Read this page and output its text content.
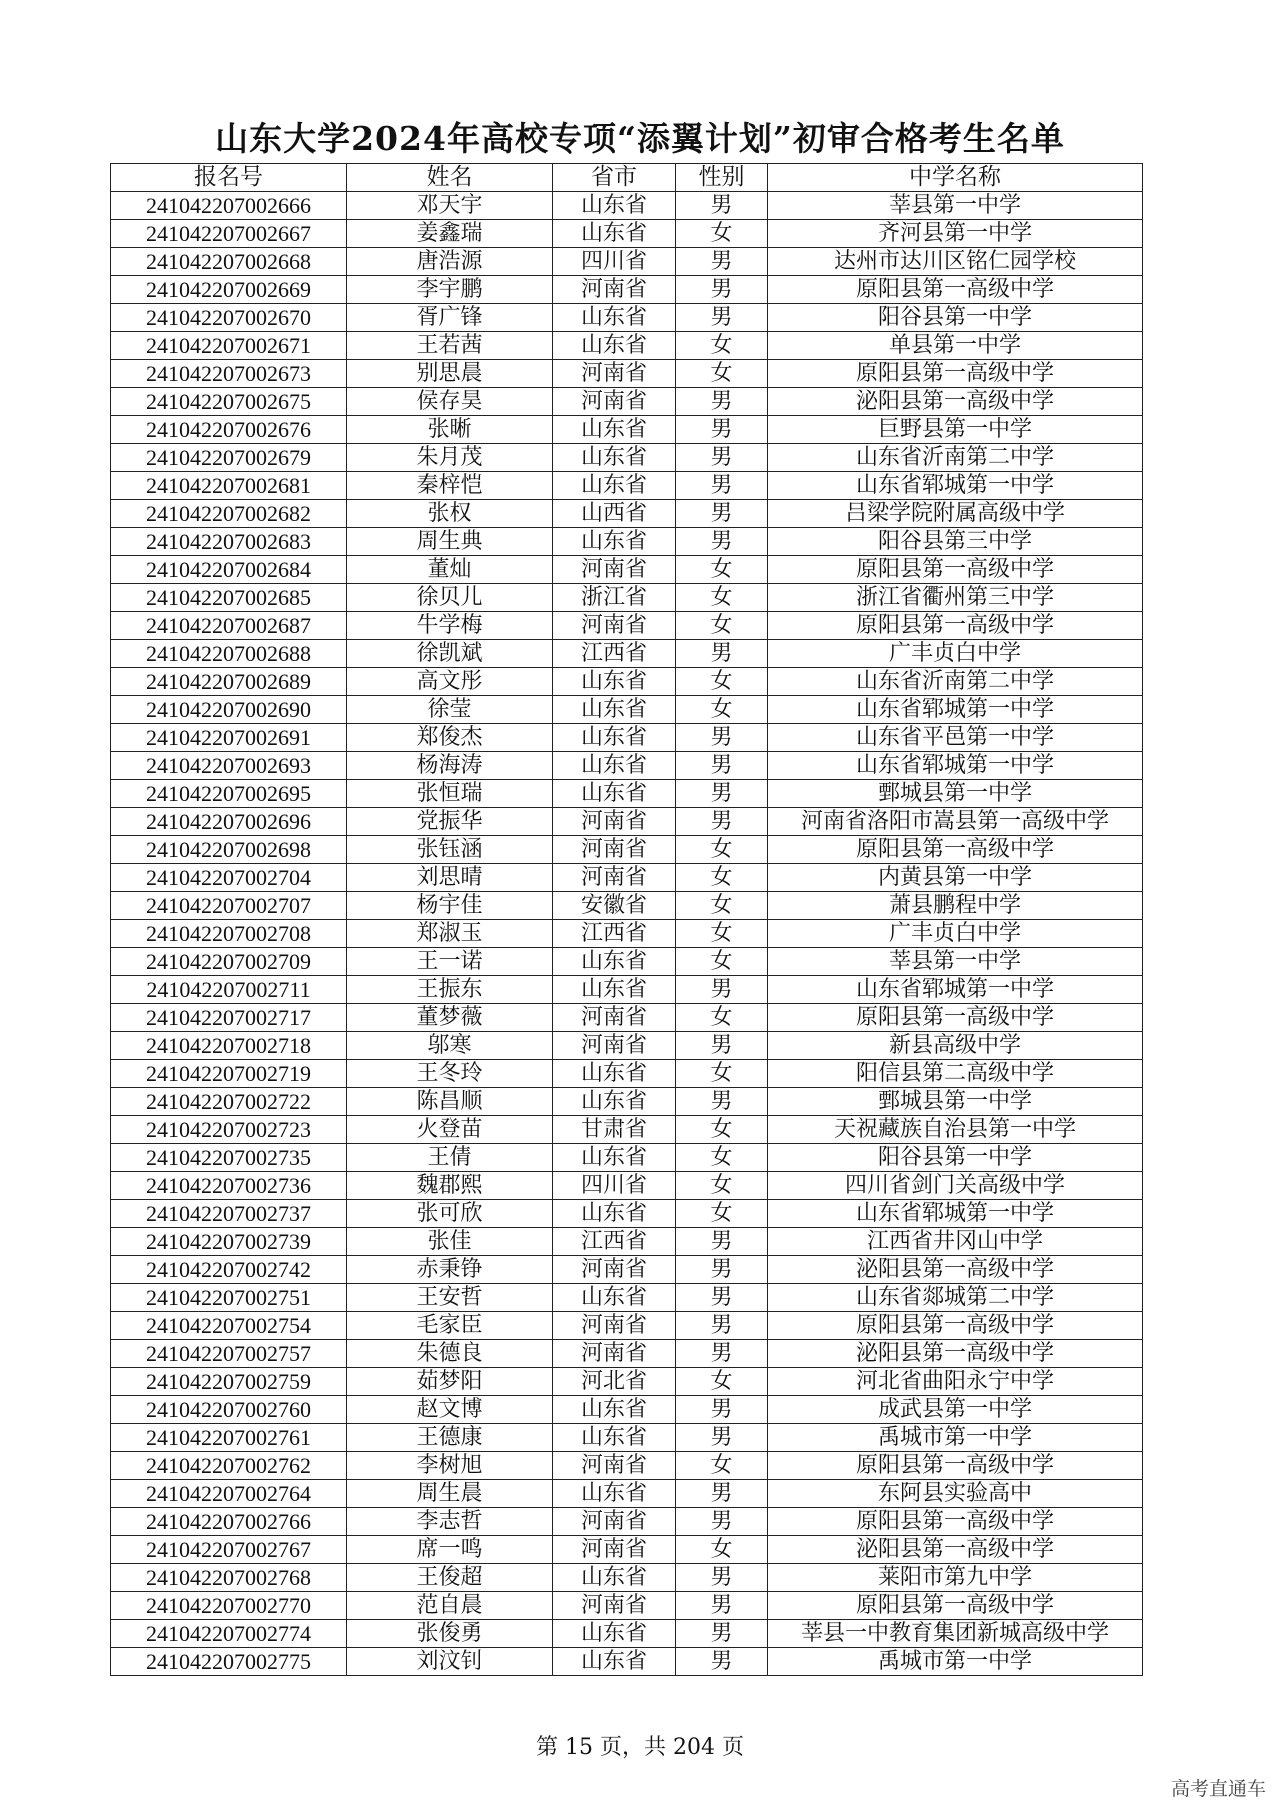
山东大学2024年高校专项“添翼计划”初审合格考生名单
报名号	姓名	省市	性别	中学名称
241042207002666	邓天宇	山东省	男	莘县第一中学
241042207002667	姜鑫瑞	山东省	女	齐河县第一中学
241042207002668	唐浩源	四川省	男	达州市达川区铭仁园学校
241042207002669	李宇鹏	河南省	男	原阳县第一高级中学
241042207002670	胥广锋	山东省	男	阳谷县第一中学
241042207002671	王若茜	山东省	女	单县第一中学
241042207002673	别思晨	河南省	女	原阳县第一高级中学
241042207002675	侯存昊	河南省	男	泌阳县第一高级中学
241042207002676	张晰	山东省	男	巨野县第一中学
241042207002679	朱月茂	山东省	男	山东省沂南第二中学
241042207002681	秦梓恺	山东省	男	山东省郓城第一中学
241042207002682	张权	山西省	男	吕梁学院附属高级中学
241042207002683	周生典	山东省	男	阳谷县第三中学
241042207002684	董灿	河南省	女	原阳县第一高级中学
241042207002685	徐贝儿	浙江省	女	浙江省衢州第三中学
241042207002687	牛学梅	河南省	女	原阳县第一高级中学
241042207002688	徐凯斌	江西省	男	广丰贞白中学
241042207002689	高文彤	山东省	女	山东省沂南第二中学
241042207002690	徐莹	山东省	女	山东省郓城第一中学
241042207002691	郑俊杰	山东省	男	山东省平邑第一中学
241042207002693	杨海涛	山东省	男	山东省郓城第一中学
241042207002695	张恒瑞	山东省	男	鄄城县第一中学
241042207002696	党振华	河南省	男	河南省洛阳市嵩县第一高级中学
241042207002698	张钰涵	河南省	女	原阳县第一高级中学
241042207002704	刘思晴	河南省	女	内黄县第一中学
241042207002707	杨宇佳	安徽省	女	萧县鹏程中学
241042207002708	郑淑玉	江西省	女	广丰贞白中学
241042207002709	王一诺	山东省	女	莘县第一中学
241042207002711	王振东	山东省	男	山东省郓城第一中学
241042207002717	董梦薇	河南省	女	原阳县第一高级中学
241042207002718	邬寒	河南省	男	新县高级中学
241042207002719	王冬玲	山东省	女	阳信县第二高级中学
241042207002722	陈昌顺	山东省	男	鄄城县第一中学
241042207002723	火登苗	甘肃省	女	天祝藏族自治县第一中学
241042207002735	王倩	山东省	女	阳谷县第一中学
241042207002736	魏郡熙	四川省	女	四川省剑门关高级中学
241042207002737	张可欣	山东省	女	山东省郓城第一中学
241042207002739	张佳	江西省	男	江西省井冈山中学
241042207002742	赤秉铮	河南省	男	泌阳县第一高级中学
241042207002751	王安哲	山东省	男	山东省郯城第二中学
241042207002754	毛家臣	河南省	男	原阳县第一高级中学
241042207002757	朱德良	河南省	男	泌阳县第一高级中学
241042207002759	茹梦阳	河北省	女	河北省曲阳永宁中学
241042207002760	赵文博	山东省	男	成武县第一中学
241042207002761	王德康	山东省	男	禹城市第一中学
241042207002762	李树旭	河南省	女	原阳县第一高级中学
241042207002764	周生晨	山东省	男	东阿县实验高中
241042207002766	李志哲	河南省	男	原阳县第一高级中学
241042207002767	席一鸣	河南省	女	泌阳县第一高级中学
241042207002768	王俊超	山东省	男	莱阳市第九中学
241042207002770	范自晨	河南省	男	原阳县第一高级中学
241042207002774	张俊勇	山东省	男	莘县一中教育集团新城高级中学
241042207002775	刘汶钊	山东省	男	禹城市第一中学
第 15 页，共 204 页
高考直通车
